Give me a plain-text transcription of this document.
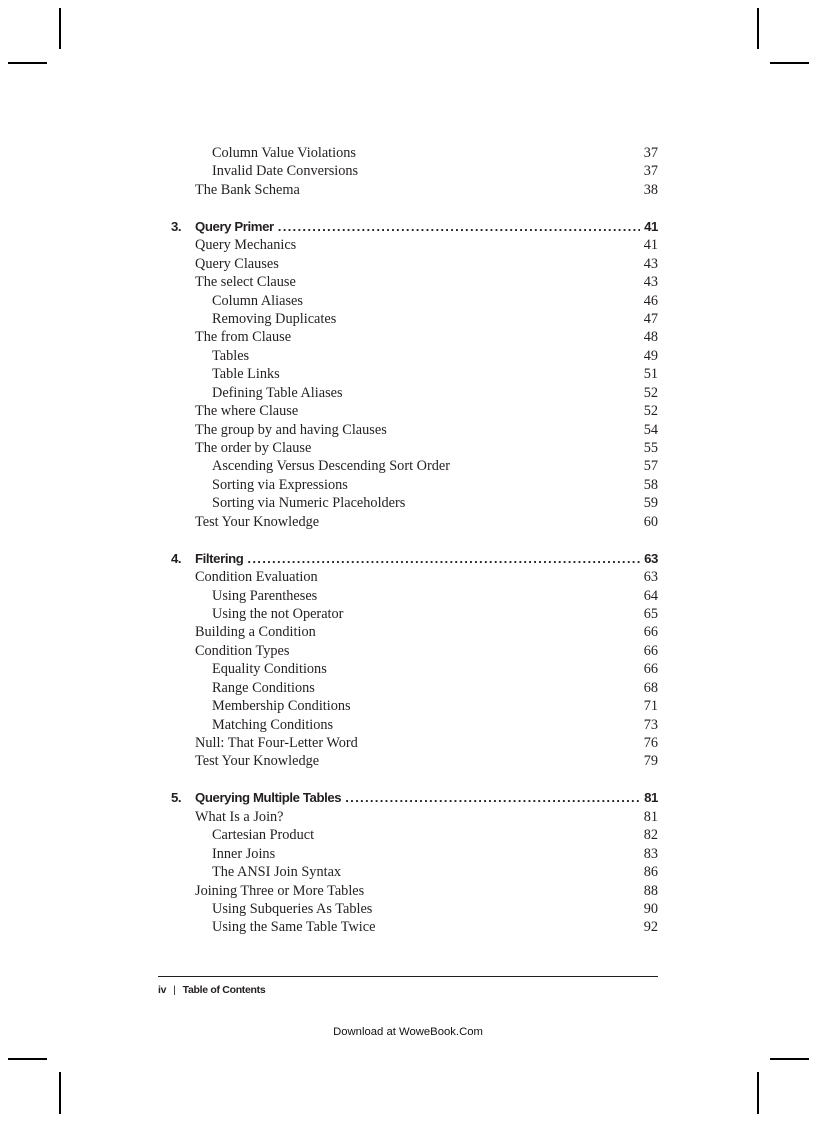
Column Value Violations	37
Invalid Date Conversions	37
The Bank Schema	38
3.	Query Primer . . .	41
Query Mechanics	41
Query Clauses	43
The select Clause	43
Column Aliases	46
Removing Duplicates	47
The from Clause	48
Tables	49
Table Links	51
Defining Table Aliases	52
The where Clause	52
The group by and having Clauses	54
The order by Clause	55
Ascending Versus Descending Sort Order	57
Sorting via Expressions	58
Sorting via Numeric Placeholders	59
Test Your Knowledge	60
4.	Filtering . . .	63
Condition Evaluation	63
Using Parentheses	64
Using the not Operator	65
Building a Condition	66
Condition Types	66
Equality Conditions	66
Range Conditions	68
Membership Conditions	71
Matching Conditions	73
Null: That Four-Letter Word	76
Test Your Knowledge	79
5.	Querying Multiple Tables . . .	81
What Is a Join?	81
Cartesian Product	82
Inner Joins	83
The ANSI Join Syntax	86
Joining Three or More Tables	88
Using Subqueries As Tables	90
Using the Same Table Twice	92
iv | Table of Contents
Download at WoweBook.Com
